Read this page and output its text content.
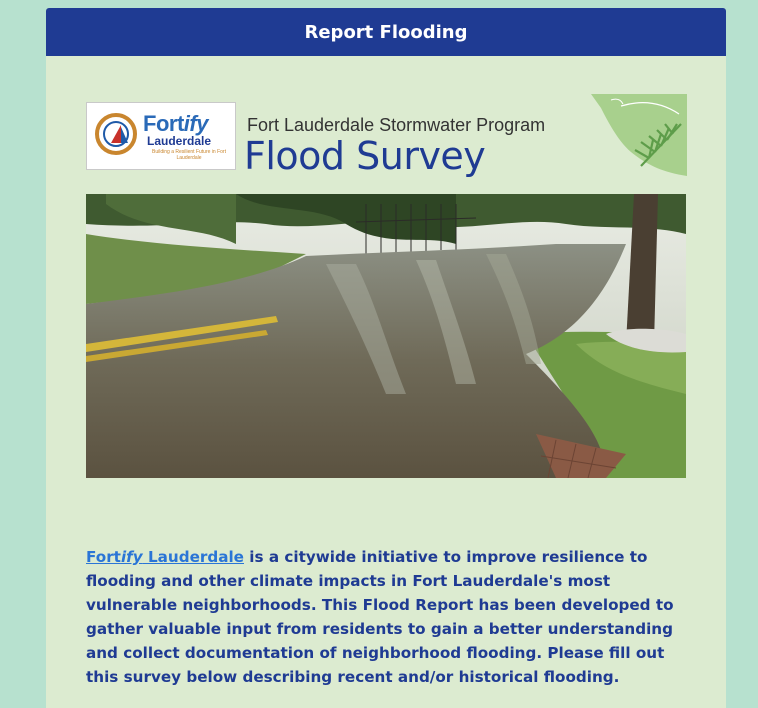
Report Flooding
Fortify
Lauderdale
Building a Resilient Future in Fort Lauderdale
Fort Lauderdale Stormwater Program
Flood Survey
Fortify Lauderdale is a citywide initiative to improve resilience to flooding and other climate impacts in Fort Lauderdale's most vulnerable neighborhoods. This Flood Report has been developed to gather valuable input from residents to gain a better understanding and collect documentation of neighborhood flooding. Please fill out this survey below describing recent and/or historical flooding.
